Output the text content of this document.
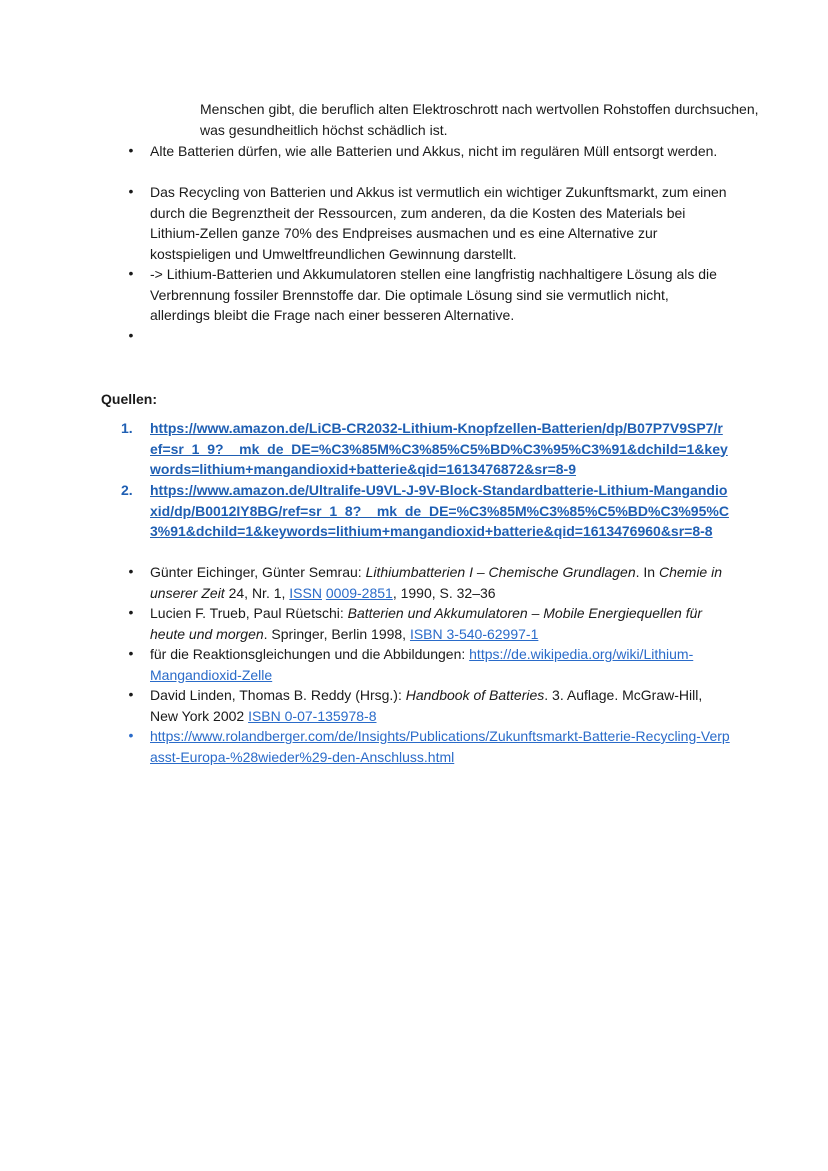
Menschen gibt, die beruflich alten Elektroschrott nach wertvollen Rohstoffen durchsuchen, was gesundheitlich höchst schädlich ist.
•	Alte Batterien dürfen, wie alle Batterien und Akkus, nicht im regulären Müll entsorgt werden.
•	Das Recycling von Batterien und Akkus ist vermutlich ein wichtiger Zukunftsmarkt, zum einen durch die Begrenztheit der Ressourcen, zum anderen, da die Kosten des Materials bei Lithium-Zellen ganze 70% des Endpreises ausmachen und es eine Alternative zur kostspieligen und Umweltfreundlichen Gewinnung darstellt.
•	-> Lithium-Batterien und Akkumulatoren stellen eine langfristig nachhaltigere Lösung als die Verbrennung fossiler Brennstoffe dar. Die optimale Lösung sind sie vermutlich nicht, allerdings bleibt die Frage nach einer besseren Alternative.
•
Quellen:
1.	https://www.amazon.de/LiCB-CR2032-Lithium-Knopfzellen-Batterien/dp/B07P7V9SP7/ref=sr_1_9?__mk_de_DE=%C3%85M%C3%85%C5%BD%C3%95%C3%91&dchild=1&keywords=lithium+mangandioxid+batterie&qid=1613476872&sr=8-9
2.	https://www.amazon.de/Ultralife-U9VL-J-9V-Block-Standardbatterie-Lithium-Mangandioxid/dp/B0012IY8BG/ref=sr_1_8?__mk_de_DE=%C3%85M%C3%85%C5%BD%C3%95%C3%91&dchild=1&keywords=lithium+mangandioxid+batterie&qid=1613476960&sr=8-8
•	Günter Eichinger, Günter Semrau: Lithiumbatterien I – Chemische Grundlagen. In Chemie in unserer Zeit 24, Nr. 1, ISSN 0009-2851, 1990, S. 32–36
•	Lucien F. Trueb, Paul Rüetschi: Batterien und Akkumulatoren – Mobile Energiequellen für heute und morgen. Springer, Berlin 1998, ISBN 3-540-62997-1
•	für die Reaktionsgleichungen und die Abbildungen: https://de.wikipedia.org/wiki/Lithium-Mangandioxid-Zelle
•	David Linden, Thomas B. Reddy (Hrsg.): Handbook of Batteries. 3. Auflage. McGraw-Hill, New York 2002 ISBN 0-07-135978-8
•	https://www.rolandberger.com/de/Insights/Publications/Zukunftsmarkt-Batterie-Recycling-Verpasst-Europa-%28wieder%29-den-Anschluss.html
